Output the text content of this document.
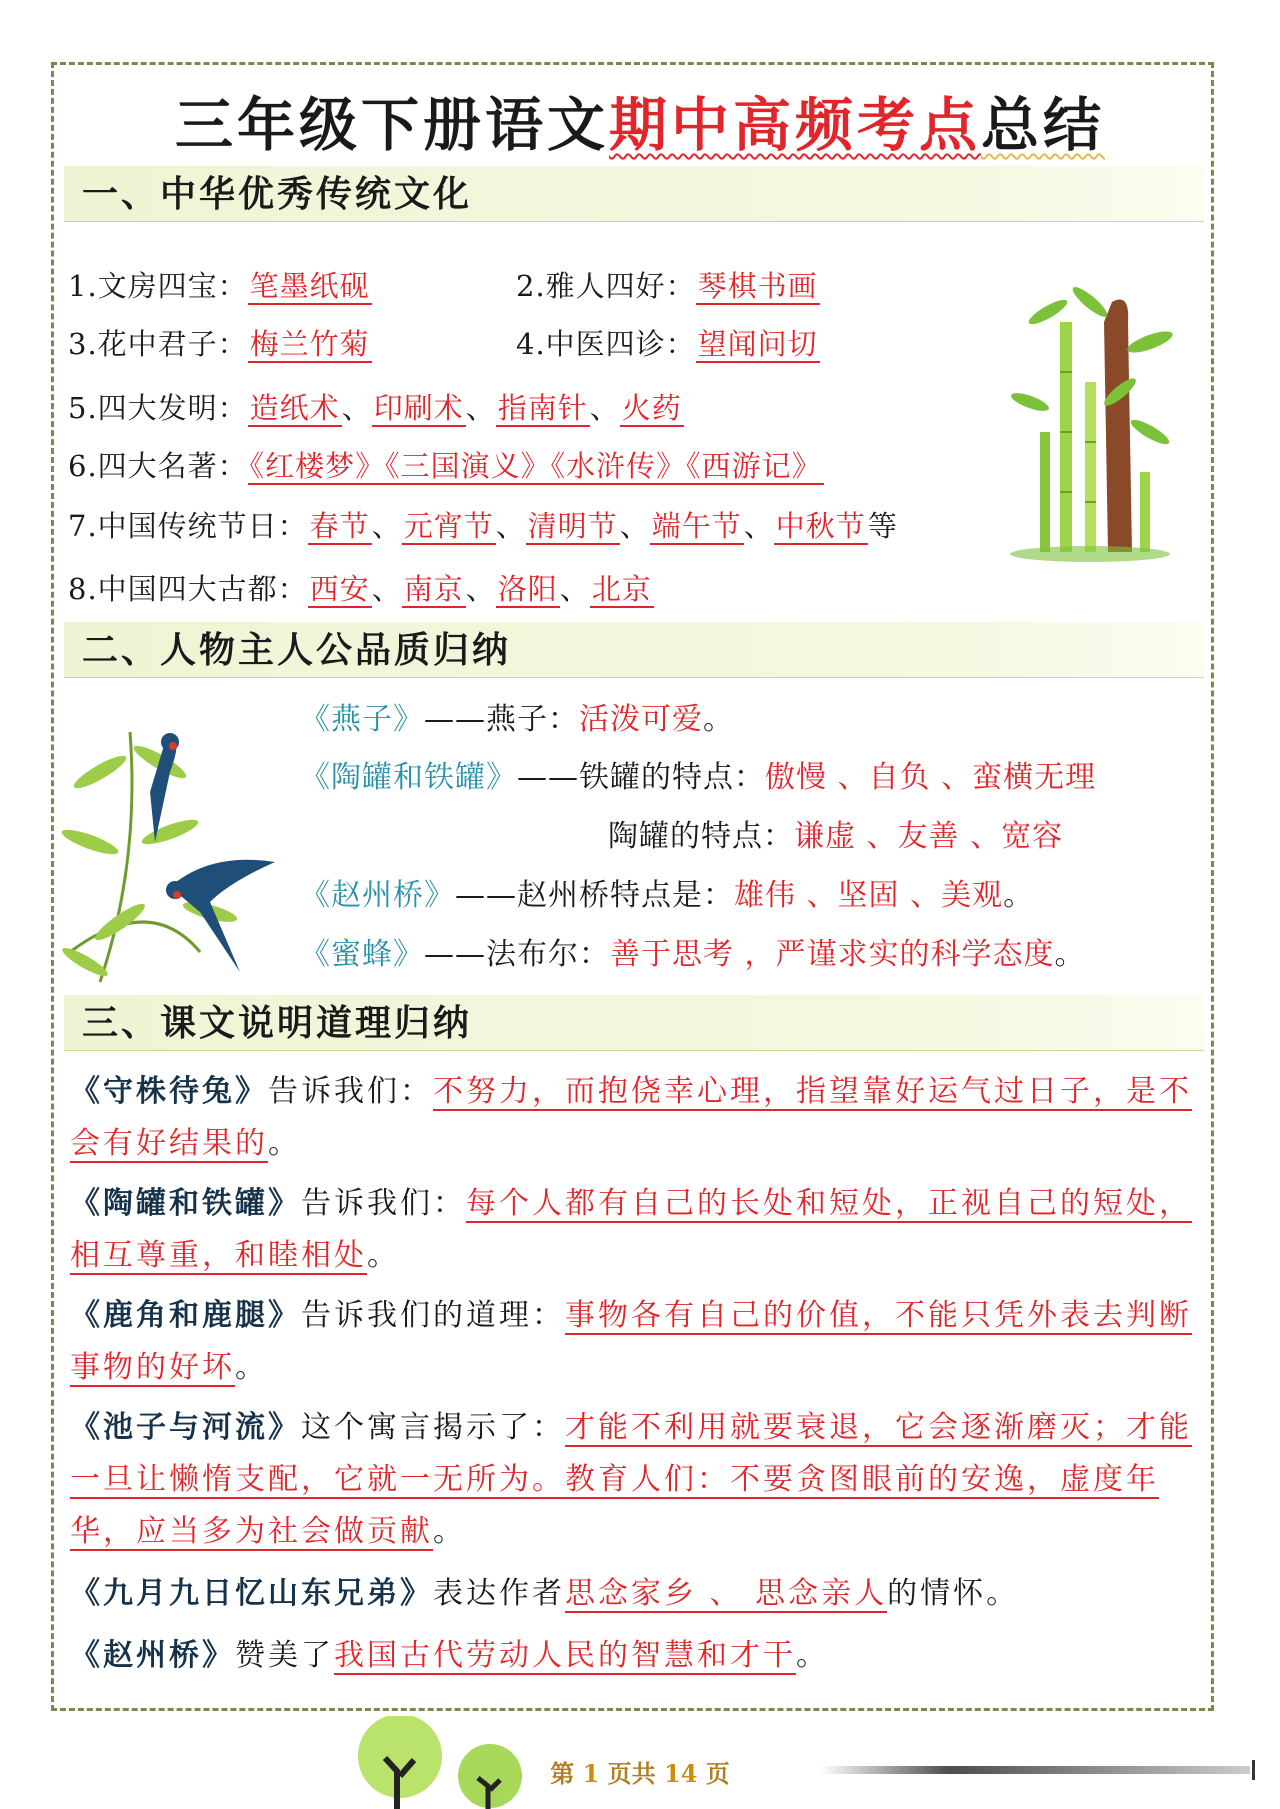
三年级下册语文期中高频考点总结
一、中华优秀传统文化
1.文房四宝：笔墨纸砚	2.雅人四好：琴棋书画
3.花中君子：梅兰竹菊	4.中医四诊：望闻问切
5.四大发明：造纸术、印刷术、指南针、火药
6.四大名著：《红楼梦》《三国演义》《水浒传》《西游记》
7.中国传统节日：春节、元宵节、清明节、端午节、中秋节等
8.中国四大古都：西安、南京、洛阳、北京
二、人物主人公品质归纳
《燕子》——燕子：活泼可爱。
《陶罐和铁罐》——铁罐的特点：傲慢 、自负 、蛮横无理
陶罐的特点：谦虚 、友善 、宽容
《赵州桥》——赵州桥特点是：雄伟 、坚固 、美观。
《蜜蜂》——法布尔：善于思考 ，严谨求实的科学态度。
三、课文说明道理归纳
《守株待兔》告诉我们：不努力，而抱侥幸心理，指望靠好运气过日子，是不会有好结果的。
《陶罐和铁罐》告诉我们：每个人都有自己的长处和短处，正视自己的短处，相互尊重，和睦相处。
《鹿角和鹿腿》告诉我们的道理：事物各有自己的价值，不能只凭外表去判断事物的好坏。
《池子与河流》这个寓言揭示了：才能不利用就要衰退，它会逐渐磨灭；才能一旦让懒惰支配，它就一无所为。教育人们：不要贪图眼前的安逸，虚度年华，应当多为社会做贡献。
《九月九日忆山东兄弟》表达作者思念家乡 、 思念亲人的情怀。
《赵州桥》赞美了我国古代劳动人民的智慧和才干。
第 1 页共 14 页
